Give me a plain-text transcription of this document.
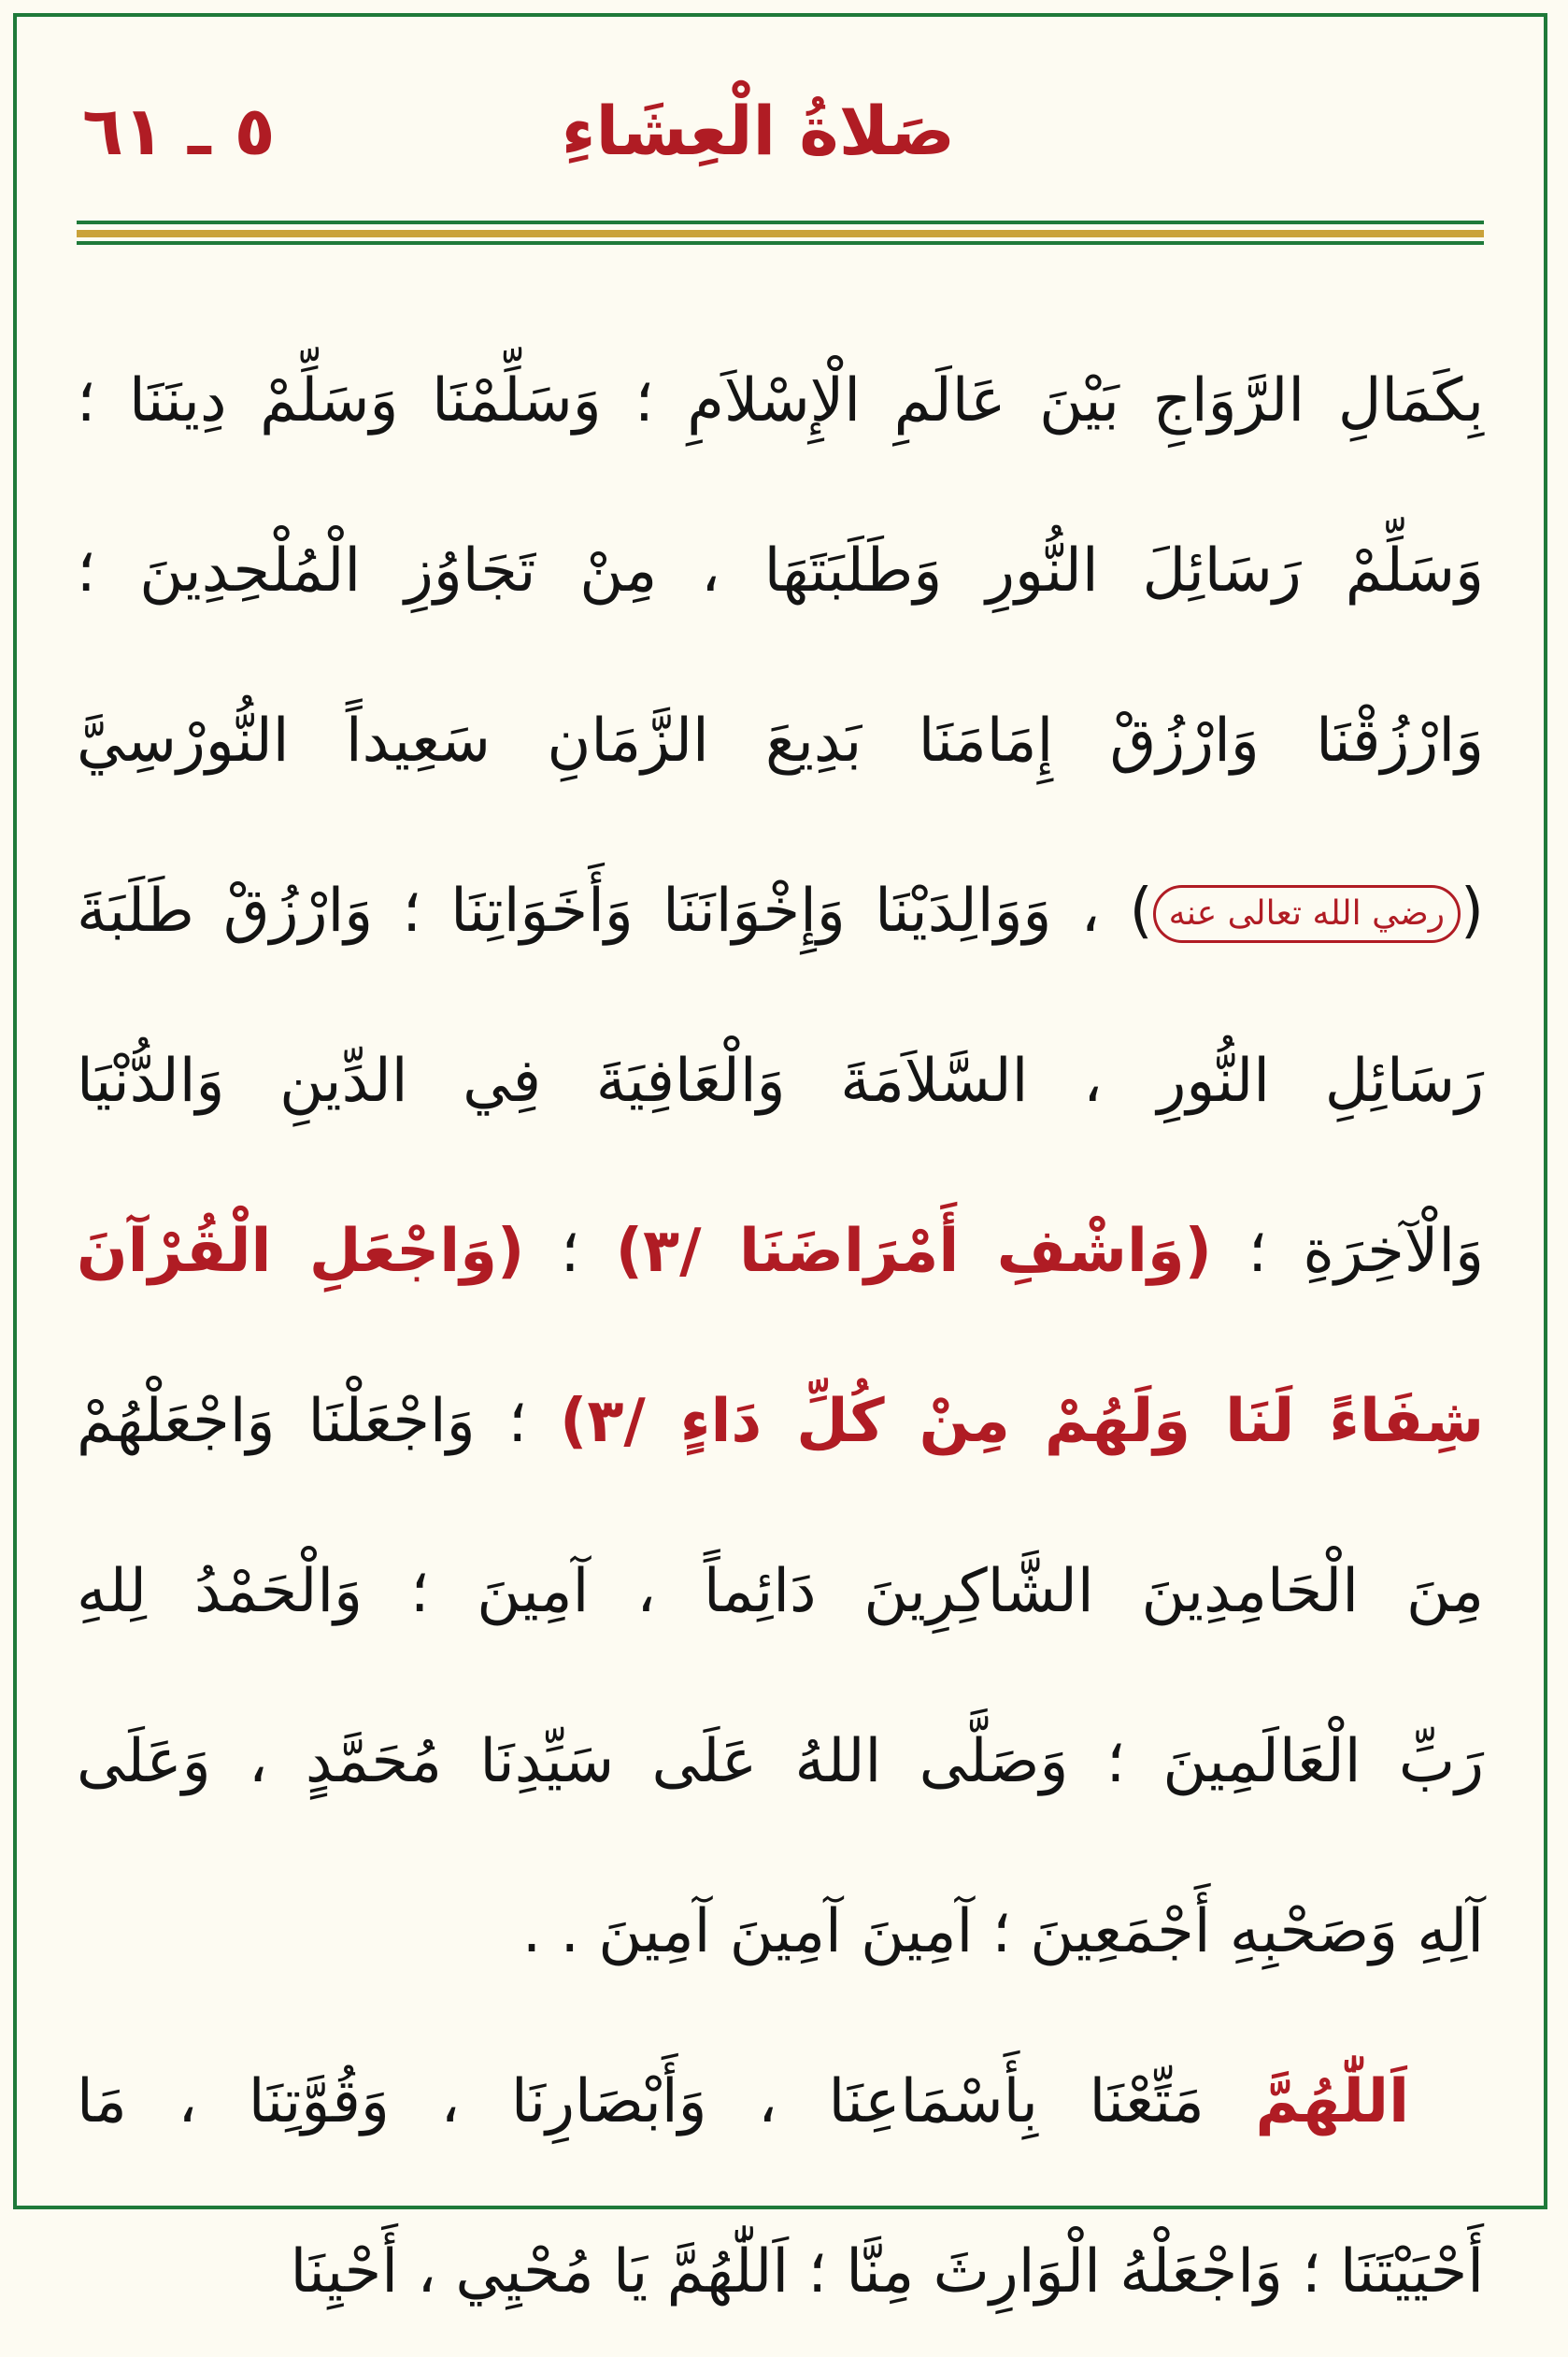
صَلاةُ الْعِشَاءِ
٥ ـ ٦١
بِكَمَالِ الرَّوَاجِ بَيْنَ عَالَمِ الْإِسْلاَمِ ؛ وَسَلِّمْنَا وَسَلِّمْ دِينَنَا ؛
وَسَلِّمْ رَسَائِلَ النُّورِ وَطَلَبَتَهَا ، مِنْ تَجَاوُزِ الْمُلْحِدِينَ ؛
وَارْزُقْنَا وَارْزُقْ إِمَامَنَا بَدِيعَ الزَّمَانِ سَعِيداً النُّورْسِيَّ
(رضي الله تعالى عنه) ، وَوَالِدَيْنَا وَإِخْوَانَنَا وَأَخَوَاتِنَا ؛ وَارْزُقْ طَلَبَةَ
رَسَائِلِ النُّورِ ، السَّلاَمَةَ وَالْعَافِيَةَ فِي الدِّينِ وَالدُّنْيَا
وَالْآخِرَةِ ؛ (وَاشْفِ أَمْرَاضَنَا /٣) ؛ (وَاجْعَلِ الْقُرْآنَ
شِفَاءً لَنَا وَلَهُمْ مِنْ كُلِّ دَاءٍ /٣) ؛ وَاجْعَلْنَا وَاجْعَلْهُمْ
مِنَ الْحَامِدِينَ الشَّاكِرِينَ دَائِماً ، آمِينَ ؛ وَالْحَمْدُ لِلهِ
رَبِّ الْعَالَمِينَ ؛ وَصَلَّى اللهُ عَلَى سَيِّدِنَا مُحَمَّدٍ ، وَعَلَى
آلِهِ وَصَحْبِهِ أَجْمَعِينَ ؛ آمِينَ آمِينَ آمِينَ . .
اَللّٰهُمَّ مَتِّعْنَا بِأَسْمَاعِنَا ، وَأَبْصَارِنَا ، وَقُوَّتِنَا ، مَا
أَحْيَيْتَنَا ؛ وَاجْعَلْهُ الْوَارِثَ مِنَّا ؛ اَللّٰهُمَّ يَا مُحْيِي ، أَحْيِنَا
